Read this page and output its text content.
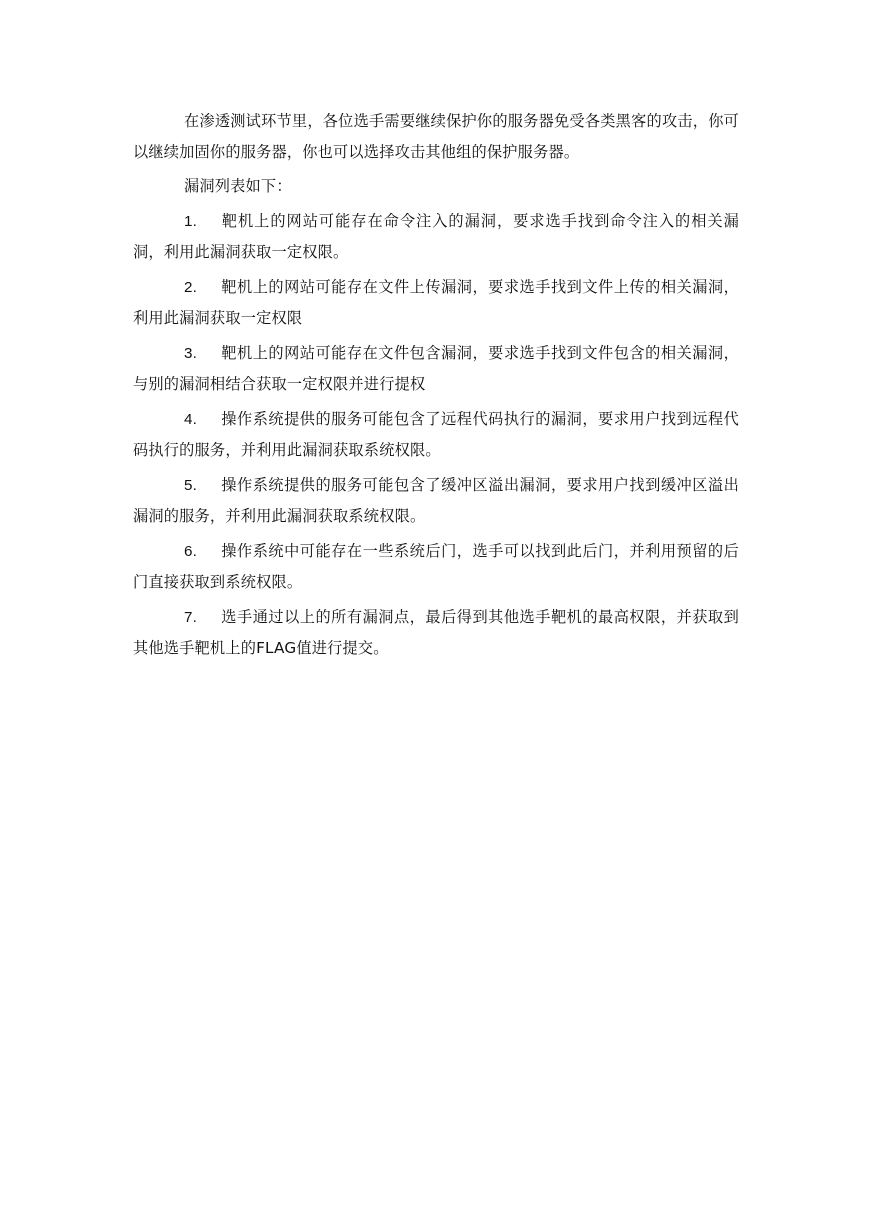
在渗透测试环节里，各位选手需要继续保护你的服务器免受各类黑客的攻击，你可以继续加固你的服务器，你也可以选择攻击其他组的保护服务器。

漏洞列表如下：

1. 靶机上的网站可能存在命令注入的漏洞，要求选手找到命令注入的相关漏洞，利用此漏洞获取一定权限。

2. 靶机上的网站可能存在文件上传漏洞，要求选手找到文件上传的相关漏洞，利用此漏洞获取一定权限

3. 靶机上的网站可能存在文件包含漏洞，要求选手找到文件包含的相关漏洞，与别的漏洞相结合获取一定权限并进行提权

4. 操作系统提供的服务可能包含了远程代码执行的漏洞，要求用户找到远程代码执行的服务，并利用此漏洞获取系统权限。

5. 操作系统提供的服务可能包含了缓冲区溢出漏洞，要求用户找到缓冲区溢出漏洞的服务，并利用此漏洞获取系统权限。

6. 操作系统中可能存在一些系统后门，选手可以找到此后门，并利用预留的后门直接获取到系统权限。

7. 选手通过以上的所有漏洞点，最后得到其他选手靶机的最高权限，并获取到其他选手靶机上的FLAG值进行提交。
